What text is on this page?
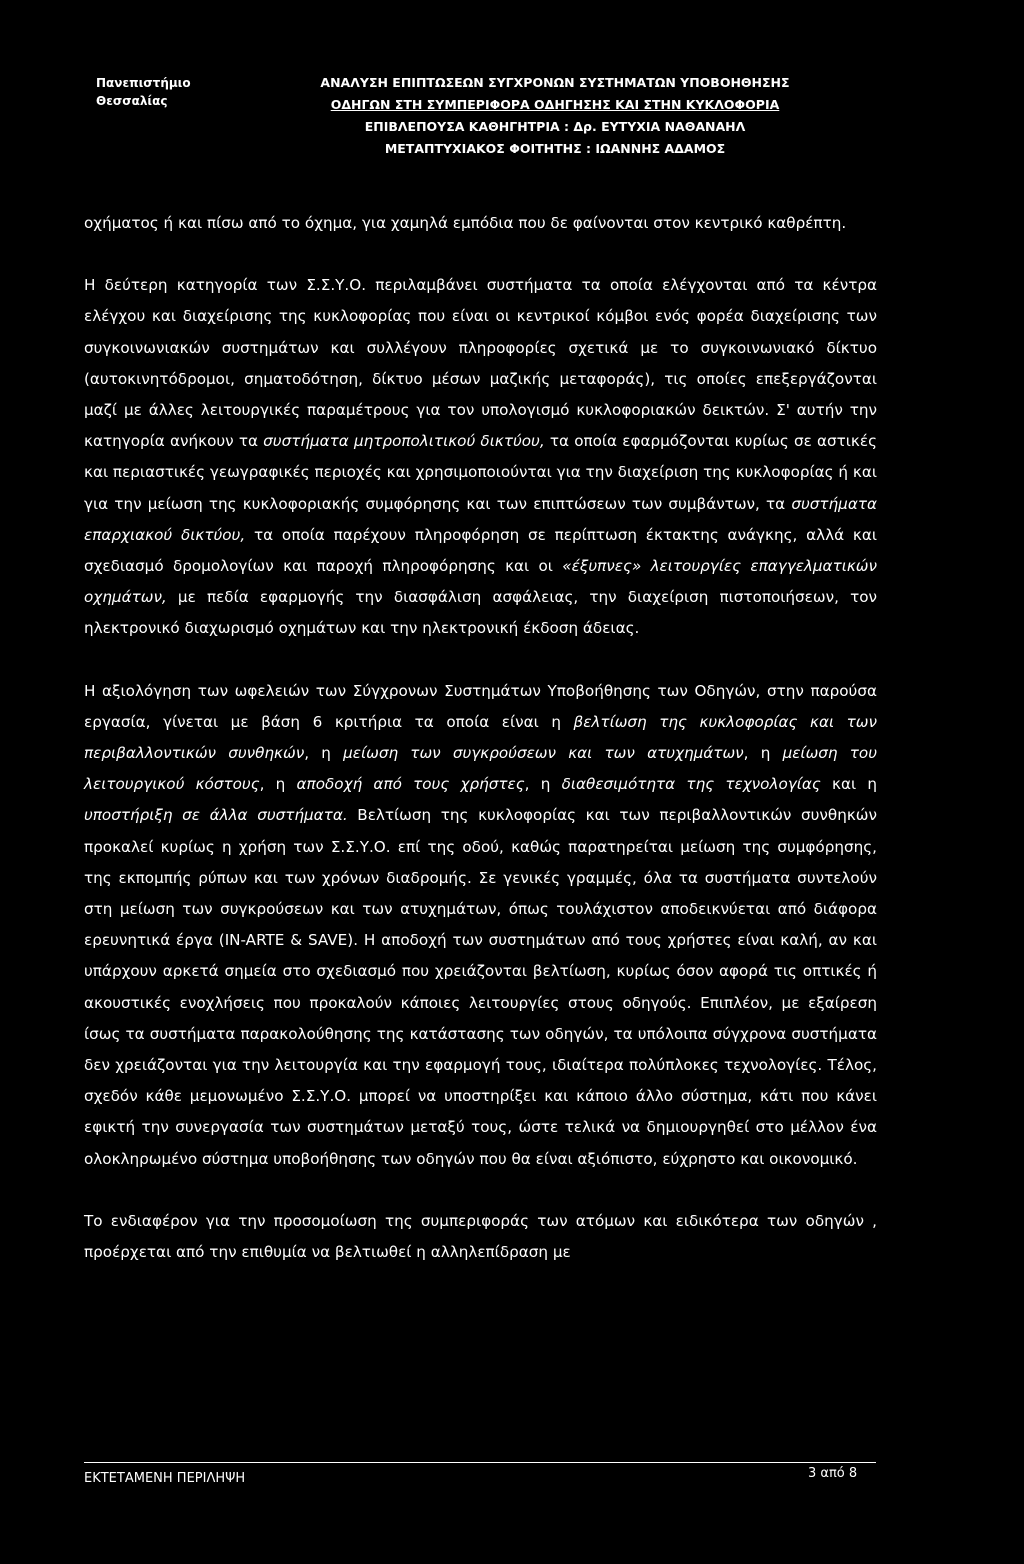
Πανεπιστήμιο
Θεσσαλίας
ΑΝΑΛΥΣΗ ΕΠΙΠΤΩΣΕΩΝ ΣΥΓΧΡΟΝΩΝ ΣΥΣΤΗΜΑΤΩΝ ΥΠΟΒΟΗΘΗΣΗΣ
ΟΔΗΓΩΝ ΣΤΗ ΣΥΜΠΕΡΙΦΟΡΑ ΟΔΗΓΗΣΗΣ ΚΑΙ ΣΤΗΝ ΚΥΚΛΟΦΟΡΙΑ
ΕΠΙΒΛΕΠΟΥΣΑ ΚΑΘΗΓΗΤΡΙΑ : Δρ. ΕΥΤΥΧΙΑ ΝΑΘΑΝΑΗΛ
ΜΕΤΑΠΤΥΧΙΑΚΟΣ ΦΟΙΤΗΤΗΣ : ΙΩΑΝΝΗΣ ΑΔΑΜΟΣ

οχήματος ή και πίσω από το όχημα, για χαμηλά εμπόδια που δε φαίνονται στον κεντρικό καθρέπτη.

Η δεύτερη κατηγορία των Σ.Σ.Υ.Ο. περιλαμβάνει συστήματα τα οποία ελέγχονται από τα κέντρα ελέγχου και διαχείρισης της κυκλοφορίας που είναι οι κεντρικοί κόμβοι ενός φορέα διαχείρισης των συγκοινωνιακών συστημάτων και συλλέγουν πληροφορίες σχετικά με το συγκοινωνιακό δίκτυο (αυτοκινητόδρομοι, σηματοδότηση, δίκτυο μέσων μαζικής μεταφοράς), τις οποίες επεξεργάζονται μαζί με άλλες λειτουργικές παραμέτρους για τον υπολογισμό κυκλοφοριακών δεικτών. Σ' αυτήν την κατηγορία ανήκουν τα συστήματα μητροπολιτικού δικτύου, τα οποία εφαρμόζονται κυρίως σε αστικές και περιαστικές γεωγραφικές περιοχές και χρησιμοποιούνται για την διαχείριση της κυκλοφορίας ή και για την μείωση της κυκλοφοριακής συμφόρησης και των επιπτώσεων των συμβάντων, τα συστήματα επαρχιακού δικτύου, τα οποία παρέχουν πληροφόρηση σε περίπτωση έκτακτης ανάγκης, αλλά και σχεδιασμό δρομολογίων και παροχή πληροφόρησης και οι «έξυπνες» λειτουργίες επαγγελματικών οχημάτων, με πεδία εφαρμογής την διασφάλιση ασφάλειας, την διαχείριση πιστοποιήσεων, τον ηλεκτρονικό διαχωρισμό οχημάτων και την ηλεκτρονική έκδοση άδειας.

Η αξιολόγηση των ωφελειών των Σύγχρονων Συστημάτων Υποβοήθησης των Οδηγών, στην παρούσα εργασία, γίνεται με βάση 6 κριτήρια τα οποία είναι η βελτίωση της κυκλοφορίας και των περιβαλλοντικών συνθηκών, η μείωση των συγκρούσεων και των ατυχημάτων, η μείωση του λειτουργικού κόστους, η αποδοχή από τους χρήστες, η διαθεσιμότητα της τεχνολογίας και η υποστήριξη σε άλλα συστήματα. Βελτίωση της κυκλοφορίας και των περιβαλλοντικών συνθηκών προκαλεί κυρίως η χρήση των Σ.Σ.Υ.Ο. επί της οδού, καθώς παρατηρείται μείωση της συμφόρησης, της εκπομπής ρύπων και των χρόνων διαδρομής. Σε γενικές γραμμές, όλα τα συστήματα συντελούν στη μείωση των συγκρούσεων και των ατυχημάτων, όπως τουλάχιστον αποδεικνύεται από διάφορα ερευνητικά έργα (IN-ARTE & SAVE). Η αποδοχή των συστημάτων από τους χρήστες είναι καλή, αν και υπάρχουν αρκετά σημεία στο σχεδιασμό που χρειάζονται βελτίωση, κυρίως όσον αφορά τις οπτικές ή ακουστικές ενοχλήσεις που προκαλούν κάποιες λειτουργίες στους οδηγούς. Επιπλέον, με εξαίρεση ίσως τα συστήματα παρακολούθησης της κατάστασης των οδηγών, τα υπόλοιπα σύγχρονα συστήματα δεν χρειάζονται για την λειτουργία και την εφαρμογή τους, ιδιαίτερα πολύπλοκες τεχνολογίες. Τέλος, σχεδόν κάθε μεμονωμένο Σ.Σ.Υ.Ο. μπορεί να υποστηρίξει και κάποιο άλλο σύστημα, κάτι που κάνει εφικτή την συνεργασία των συστημάτων μεταξύ τους, ώστε τελικά να δημιουργηθεί στο μέλλον ένα ολοκληρωμένο σύστημα υποβοήθησης των οδηγών που θα είναι αξιόπιστο, εύχρηστο και οικονομικό.

Το ενδιαφέρον για την προσομοίωση της συμπεριφοράς των ατόμων και ειδικότερα των οδηγών , προέρχεται από την επιθυμία να βελτιωθεί η αλληλεπίδραση με

ΕΚΤΕΤΑΜΕΝΗ ΠΕΡΙΛΗΨΗ	3 από 8
